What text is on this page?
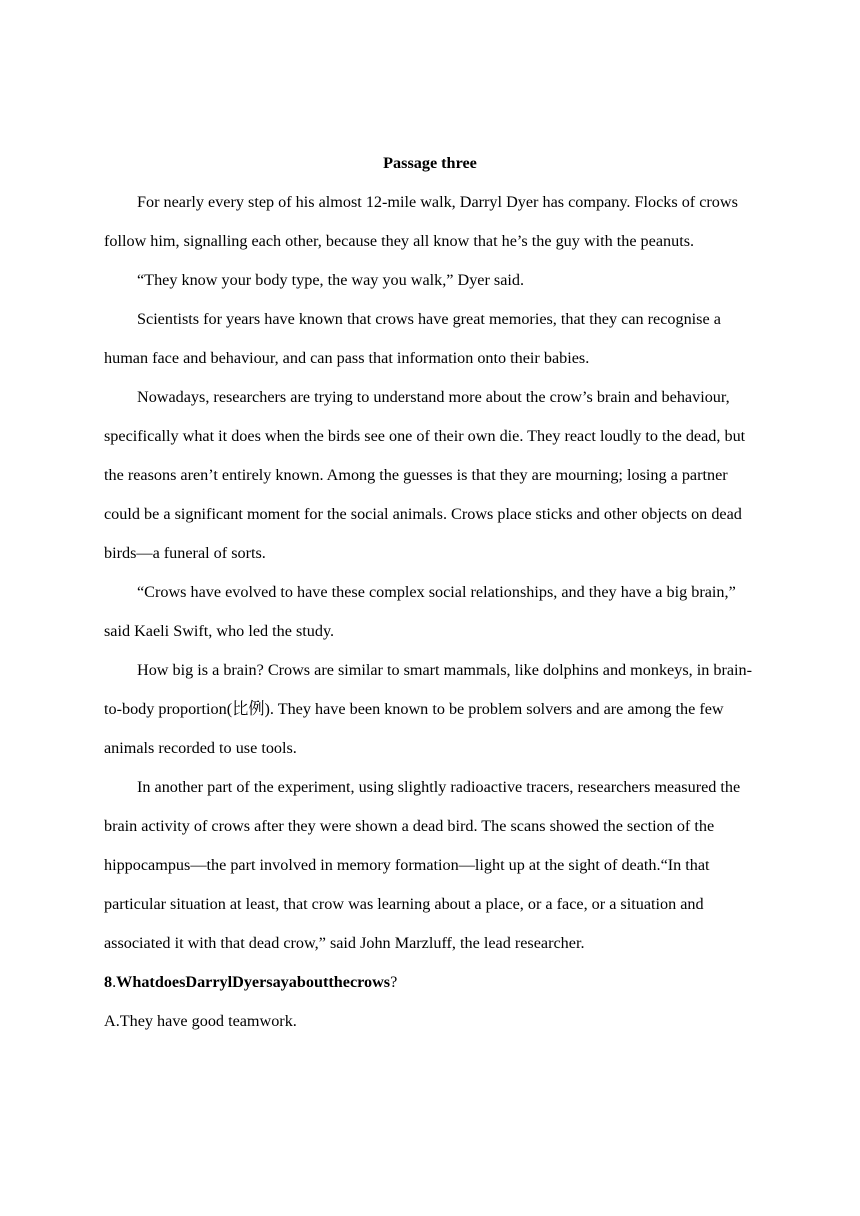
Passage three

For nearly every step of his almost 12-mile walk, Darryl Dyer has company. Flocks of crows follow him, signalling each other, because they all know that he’s the guy with the peanuts.

“They know your body type, the way you walk,” Dyer said.

Scientists for years have known that crows have great memories, that they can recognise a human face and behaviour, and can pass that information onto their babies.

Nowadays, researchers are trying to understand more about the crow’s brain and behaviour, specifically what it does when the birds see one of their own die. They react loudly to the dead, but the reasons aren’t entirely known. Among the guesses is that they are mourning; losing a partner could be a significant moment for the social animals. Crows place sticks and other objects on dead birds—a funeral of sorts.

“Crows have evolved to have these complex social relationships, and they have a big brain,” said Kaeli Swift, who led the study.

How big is a brain? Crows are similar to smart mammals, like dolphins and monkeys, in brain-to-body proportion(比例). They have been known to be problem solvers and are among the few animals recorded to use tools.

In another part of the experiment, using slightly radioactive tracers, researchers measured the brain activity of crows after they were shown a dead bird. The scans showed the section of the hippocampus—the part involved in memory formation—light up at the sight of death.“In that particular situation at least, that crow was learning about a place, or a face, or a situation and associated it with that dead crow,” said John Marzluff, the lead researcher.

8.WhatdoesDarrylDyersayaboutthecrows?

A.They have good teamwork.
